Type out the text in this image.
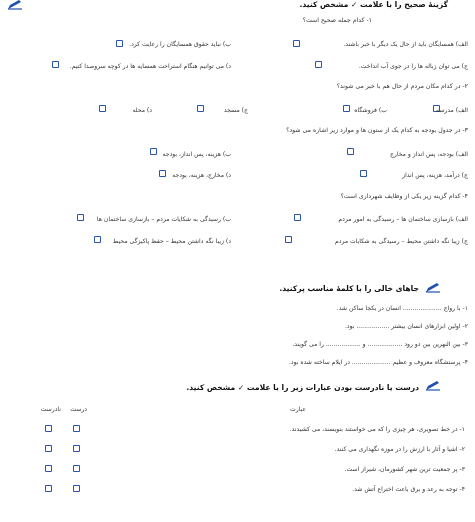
گزینهٔ صحیح را با علامت ✓ مشخص کنید.
۱- کدام جمله صحیح است؟
الف) همسایگان باید از حال یک دیگر با خبر باشند.
ب) نباید حقوق همسایگان را رعایت کرد.
ج) می توان زباله ها را در جوی آب انداخت.
د) می توانیم هنگام استراحت همسایه ها در کوچه سروصدا کنیم.
۲- در کدام مکان مردم از حال هم با خبر می شوند؟
الف) مدرسه
ب) فروشگاه
ج) مسجد
د) محله
۳- در جدول بودجه به کدام یک از ستون ها و موارد زیر اشاره می شود؟
الف) بودجه، پس انداز و مخارج
ب) هزینه، پس انداز، بودجه
ج) درآمد، هزینه، پس انداز
د) مخارج، هزینه، بودجه
۴- کدام گزینه زیر یکی از وظایف شهرداری است؟
الف) بازسازی ساختمان ها – رسیدگی به امور مردم
ب) رسیدگی به شکایات مردم – بازسازی ساختمان ها
ج) زیبا نگه داشتن محیط – رسیدگی به شکایات مردم
د) زیبا نگه داشتن محیط – حفظ پاکیزگی محیط
جاهای خالی را با کلمهٔ مناسب پرکنید.
۱- با رواج .................... انسان در یکجا ساکن شد.
۲- اولین ابزارهای انسان بیشتر ................. بود.
۳- بین النهرین بین دو رود .................. و .................. را می گویند.
۴- پرستشگاه معروف و عظیم .................... در ایلام ساخته شده بود.
درست یا نادرست بودن عبارات زیر را با علامت ✓ مشخص کنید.
عبارت
درست
نادرست
۱- در خط تصویری، هر چیزی را که می خواستند بنویسند، می کشیدند.
۲- اشیا و آثار با ارزش را در موزه نگهداری می کنند.
۳- پر جمعیت ترین شهر کشورمان، شیراز است.
۴- توجه به رعد و برق باعث اختراع آتش شد.
